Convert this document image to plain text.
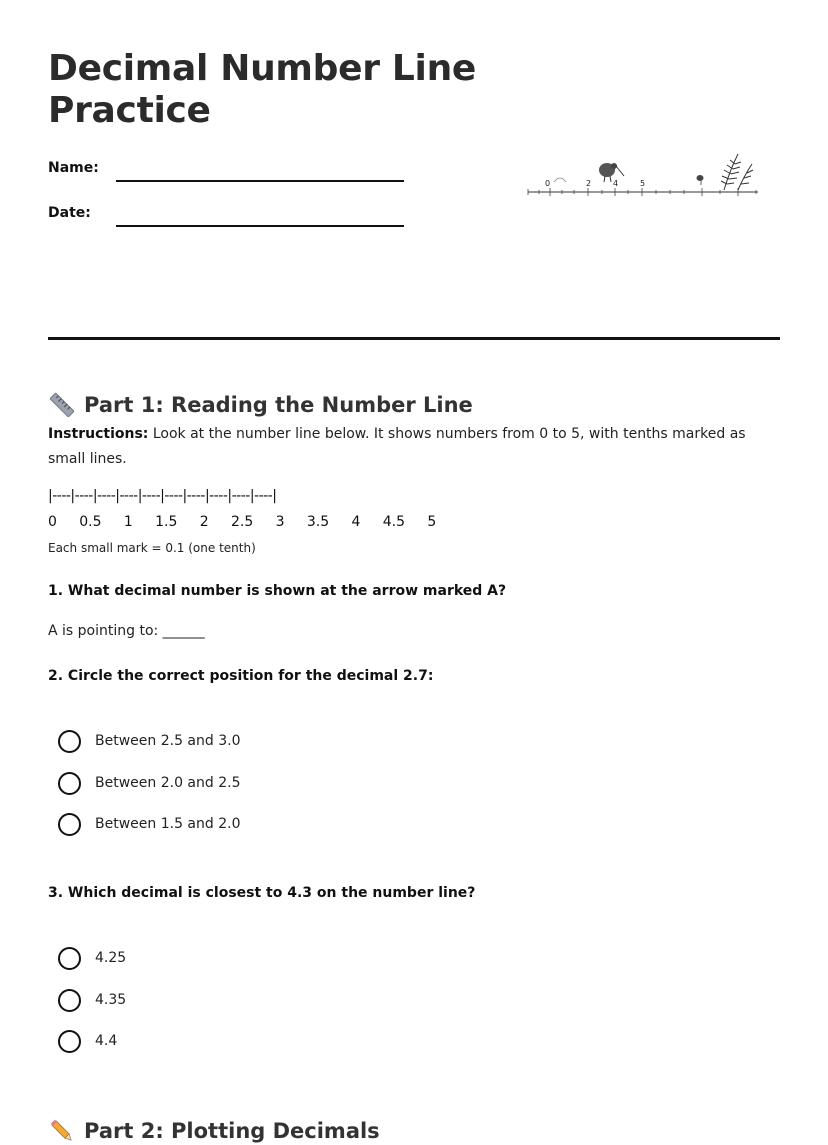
Decimal Number Line Practice
Name:
Date:
0	2	4	5
Part 1: Reading the Number Line
Instructions: Look at the number line below. It shows numbers from 0 to 5, with tenths marked as small lines.
|----|----|----|----|----|----|----|----|----|----|
0   0.5   1   1.5   2   2.5   3   3.5   4   4.5   5
Each small mark = 0.1 (one tenth)

1. What decimal number is shown at the arrow marked A?

A is pointing to: ______

2. Circle the correct position for the decimal 2.7:

Between 2.5 and 3.0
Between 2.0 and 2.5
Between 1.5 and 2.0

3. Which decimal is closest to 4.3 on the number line?

4.25
4.35
4.4
Part 2: Plotting Decimals
